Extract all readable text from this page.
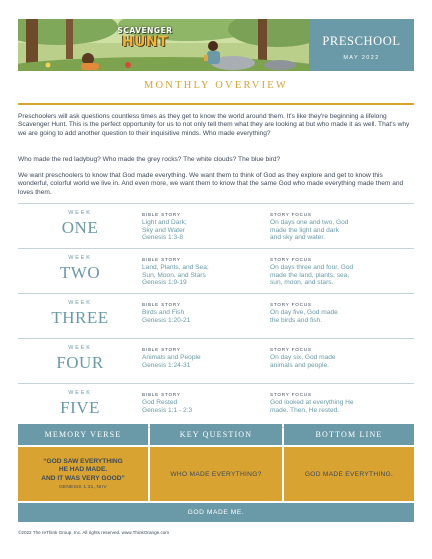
SCAVENGER
HUNT	PRESCHOOL
MAY 2022
MONTHLY OVERVIEW

Preschoolers will ask questions countless times as they get to know the world around them. It's like they're beginning a lifelong Scavenger Hunt. This is the perfect opportunity for us to not only tell them what they are looking at but who made it as well. That's why we are going to add another question to their inquisitive minds. Who made everything?

Who made the red ladybug? Who made the grey rocks? The white clouds? The blue bird?

We want preschoolers to know that God made everything. We want them to think of God as they explore and get to know this wonderful, colorful world we live in. And even more, we want them to know that the same God who made everything made them and loves them.

WEEK
ONE
BIBLE STORY
Light and Dark;
Sky and Water
Genesis 1:3-8
STORY FOCUS
On days one and two, God
made the light and dark
and sky and water.
WEEK
TWO
BIBLE STORY
Land, Plants, and Sea;
Sun, Moon, and Stars
Genesis 1:9-19
STORY FOCUS
On days three and four, God
made the land, plants, sea,
sun, moon, and stars.
WEEK
THREE
BIBLE STORY
Birds and Fish
Genesis 1:20-21
STORY FOCUS
On day five, God made
the birds and fish.
WEEK
FOUR
BIBLE STORY
Animals and People
Genesis 1:24-31
STORY FOCUS
On day six, God made
animals and people.
WEEK
FIVE
BIBLE STORY
God Rested
Genesis 1:1 - 2:3
STORY FOCUS
God looked at everything He
made. Then, He rested.
MEMORY VERSE	KEY QUESTION	BOTTOM LINE
“GOD SAW EVERYTHING
HE HAD MADE.
AND IT WAS VERY GOOD”
GENESIS 1:31, NIrV
WHO MADE EVERYTHING?	GOD MADE EVERYTHING.
GOD MADE ME.
©2022 The reThink Group, Inc. All rights reserved. www.ThinkOrange.com
